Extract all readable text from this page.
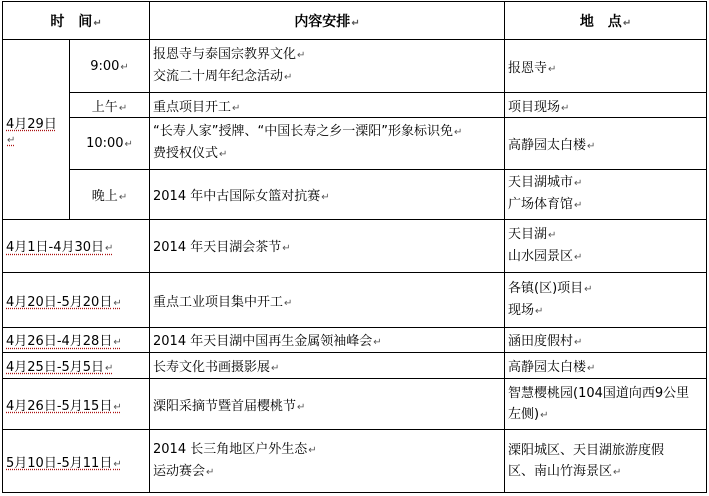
时　间 ↵		内容安排 ↵	地　点 ↵
4月29日 ↵	9:00 ↵	报恩寺与泰国宗教界文化 ↵
交流二十周年纪念活动 ↵	报恩寺 ↵
	上午 ↵	重点项目开工 ↵	项目现场 ↵
	10:00 ↵	“长寿人家”授牌、“中国长寿之乡一溧阳”形象标识免 ↵
费授权仪式 ↵	高静园太白楼 ↵
	晚上 ↵	2014 年中古国际女篮对抗赛 ↵	天目湖城市 ↵
广场体育馆 ↵

4月1日-4月30日 ↵		2014 年天目湖会茶节 ↵	天目湖 ↵
山水园景区 ↵

4月20日-5月20日 ↵		重点工业项目集中开工 ↵	各镇(区)项目 ↵
现场 ↵

4月26日-4月28日 ↵		2014 年天目湖中国再生金属领袖峰会 ↵	涵田度假村 ↵
4月25日-5月5日 ↵		长寿文化书画摄影展 ↵	高静园太白楼 ↵
4月26日-5月15日 ↵		溧阳采摘节暨首届樱桃节 ↵	智慧樱桃园(104国道向西9公里
左侧) ↵

5月10日-5月11日 ↵		2014 长三角地区户外生态 ↵
运动赛会 ↵	溧阳城区、天目湖旅游度假
区、南山竹海景区 ↵
